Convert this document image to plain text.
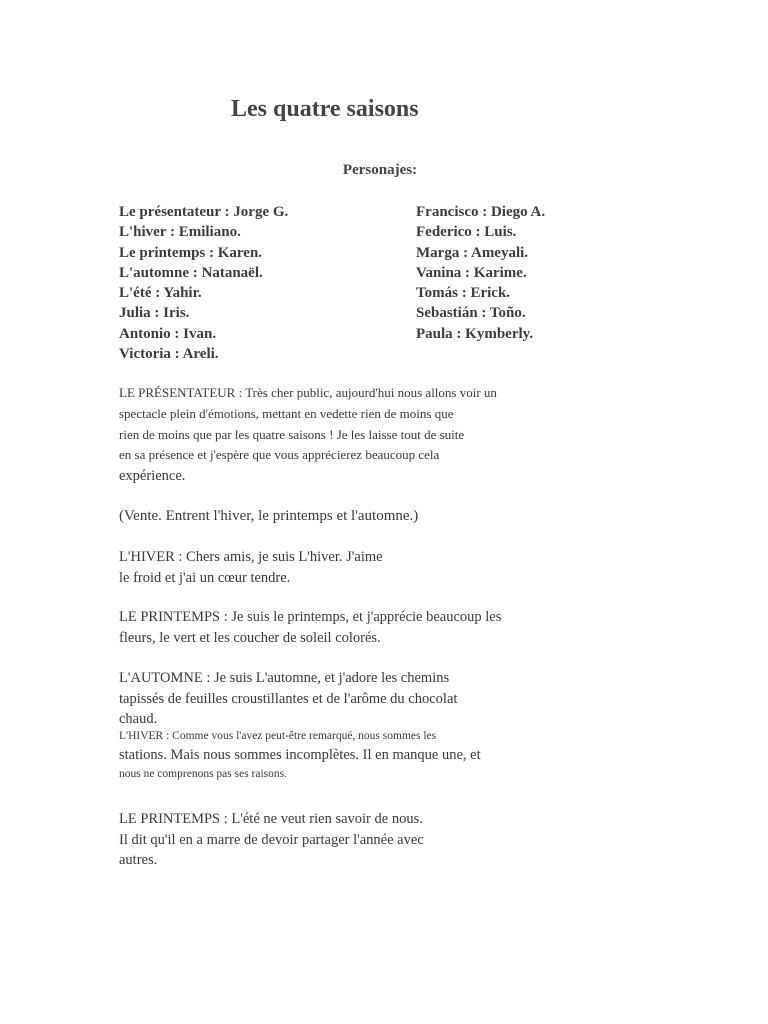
Les quatre saisons
Personajes:
Le présentateur : Jorge G.
L'hiver : Emiliano.
Le printemps : Karen.
L'automne : Natanaël.
L'été : Yahir.
Julia : Iris.
Antonio : Ivan.
Victoria : Areli.
Francisco : Diego A.
Federico : Luis.
Marga : Ameyali.
Vanina : Karime.
Tomás : Erick.
Sebastián : Toño.
Paula : Kymberly.
LE PRÉSENTATEUR : Très cher public, aujourd'hui nous allons voir un
spectacle plein d'émotions, mettant en vedette rien de moins que
rien de moins que par les quatre saisons ! Je les laisse tout de suite
en sa présence et j'espère que vous apprécierez beaucoup cela
expérience.
(Vente. Entrent l'hiver, le printemps et l'automne.)
L'HIVER : Chers amis, je suis L'hiver. J'aime
le froid et j'ai un cœur tendre.
LE PRINTEMPS : Je suis le printemps, et j'apprécie beaucoup les
fleurs, le vert et les coucher de soleil colorés.
L'AUTOMNE : Je suis L'automne, et j'adore les chemins
tapissés de feuilles croustillantes et de l'arôme du chocolat
chaud.
L'HIVER : Comme vous l'avez peut-être remarqué, nous sommes les
stations. Mais nous sommes incomplètes. Il en manque une, et
nous ne comprenons pas ses raisons.
LE PRINTEMPS : L'été ne veut rien savoir de nous.
Il dit qu'il en a marre de devoir partager l'année avec
autres.
